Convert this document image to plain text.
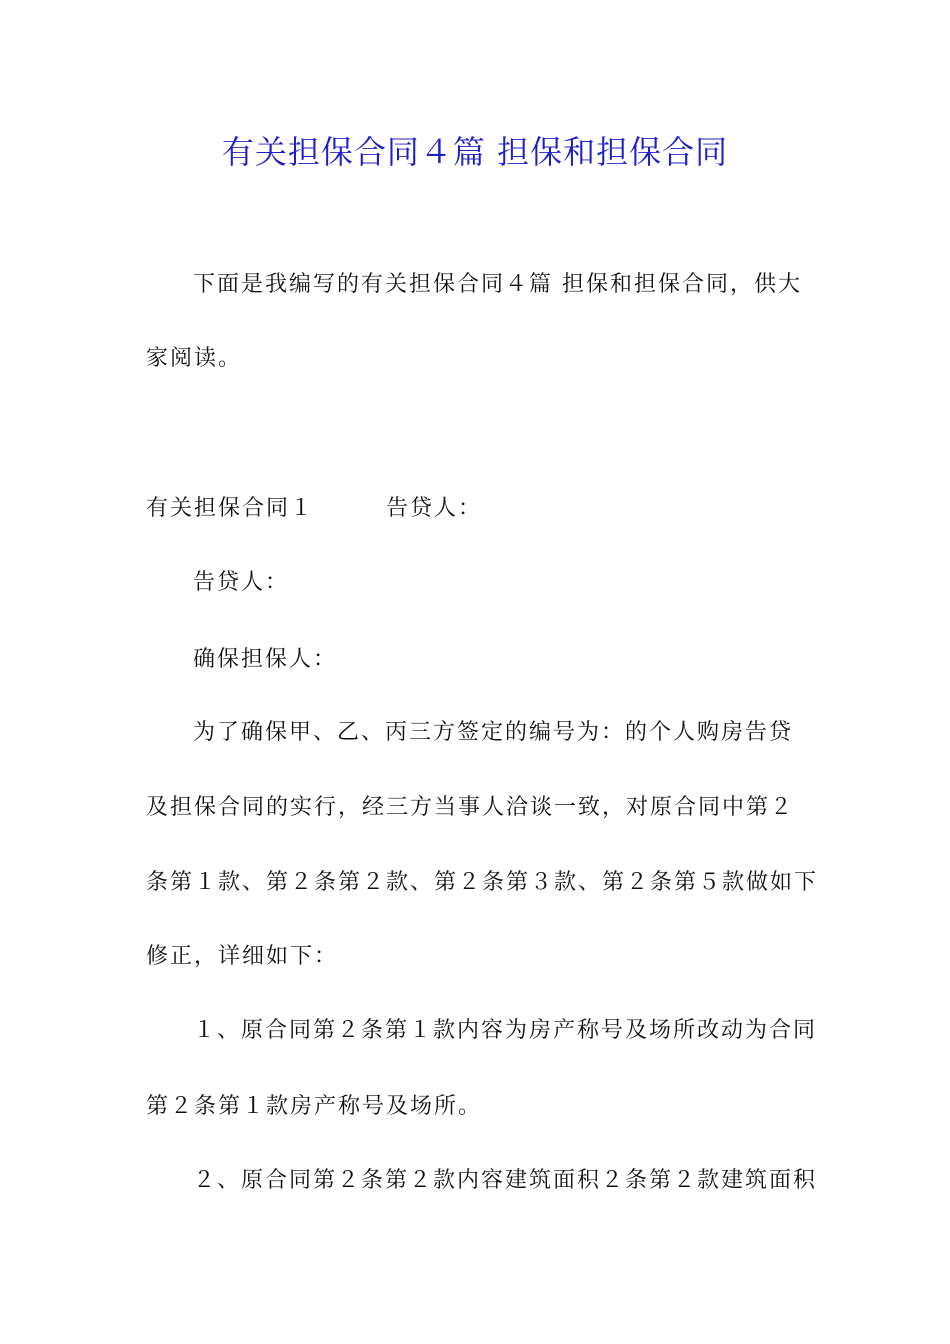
有关担保合同４篇 担保和担保合同
下面是我编写的有关担保合同４篇 担保和担保合同，供大
家阅读。
有关担保合同１　　　告贷人：
告贷人：
确保担保人：
为了确保甲、乙、丙三方签定的编号为：的个人购房告贷
及担保合同的实行，经三方当事人洽谈一致，对原合同中第２
条第１款、第２条第２款、第２条第３款、第２条第５款做如下
修正，详细如下：
１、原合同第２条第１款内容为房产称号及场所改动为合同
第２条第１款房产称号及场所。
２、原合同第２条第２款内容建筑面积２条第２款建筑面积
